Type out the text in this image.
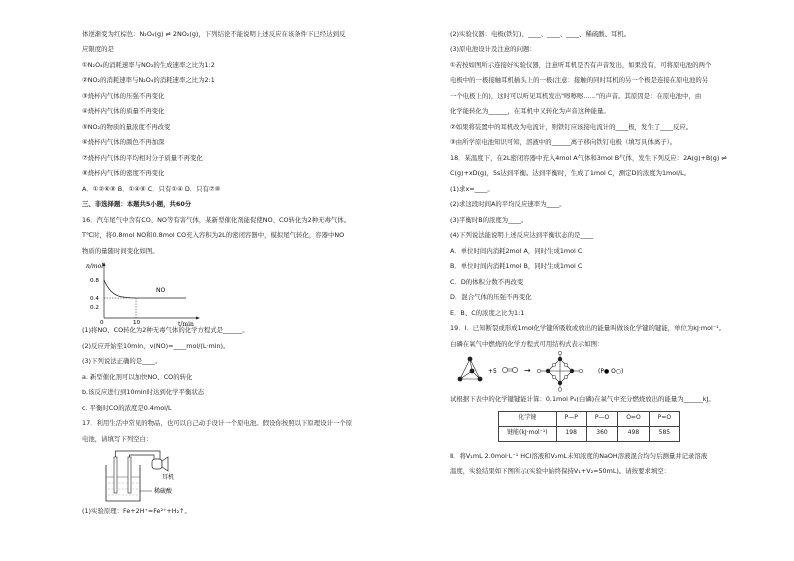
体逆渐变为红棕色：N₂O₄(g) ⇌ 2NO₂(g)，下列结论不能说明上述反应在该条件下已经达到反
应限度的是
①N₂O₄的消耗速率与NO₂的生成速率之比为1:2
②NO₂的消耗速率与N₂O₄的消耗速率之比为2:1
③烧杯内气体的压强不再变化
④烧杯内气体的质量不再变化
⑤NO₂的物质的量浓度不再改变
⑥烧杯内气体的颜色不再加深
⑦烧杯内气体的平均相对分子质量不再变化
⑧烧杯内气体的密度不再变化
A．①②⑥⑧ B．①④⑧ C．只有①④ D．只有⑦⑧
三、非选择题：本题共5小题，共60分
16．汽车尾气中含有CO、NO等有害气体，某新型催化剂能促使NO、CO转化为2种无毒气体。
T℃时，将0.8mol NO和0.8mol CO充入容积为2L的密闭容器中，模拟尾气转化，容器中NO
物质的量随时间变化如图。
n/mol
t/min
0.8
0.4
0.2
0	10
NO
(1)将NO、CO转化为2种无毒气体的化学方程式是______。
(2)反应开始至10min，v(NO)=____mol/(L·min)。
(3)下列说法正确的是____。
a. 新型催化剂可以加快NO、CO的转化
b.该反应进行到10min时达到化学平衡状态
c. 平衡时CO的浓度是0.4mol/L
17．利用生活中常见的物品，也可以自己动手设计一个原电池。假设你按照以下原理设计一个原
电池，请填写下列空白：
耳机
稀硫酸
(1)实验原理：Fe+2H⁺=Fe²⁺+H₂↑。
(2)实验仪器：电极(铁钉)、____、____、____、稀硫酸、耳机。
(3)原电池设计及注意的问题：
①若按如图所示连接好实验仪器，注意听耳机是否有声音发出，如果没有，可将原电池的两个
电极中的一极接触耳机插头上的一极(注意：接触的同时耳机的另一个极是连接在原电池的另
一个电极上的)，这时可以听见耳机发出"嚓嚓嚓……"的声音。其原因是：在原电池中，由
化学能转化为______，在耳机中又转化为声音这种能量。
②如果将装置中的耳机改为电流计，则铁钉应该接电流计的____极，发生了____反应。
③由所学原电池知识可知，溶液中的______离子移向铁钉电极（填写具体离子）。
18．某温度下，在2L密闭容器中充入4mol A气体和3mol B气体，发生下列反应：2A(g)+B(g) ⇌
C(g)+xD(g)，5s达到平衡。达到平衡时，生成了1mol C，测定D的浓度为1mol/L。
(1)求x=____。
(2)求这段时间A的平均反应速率为____。
(3)平衡时B的浓度为____。
(4)下列说法能说明上述反应达到平衡状态的是____
A．单位时间内消耗2mol A，同时生成1mol C
B．单位时间内消耗1mol B，同时生成1mol C
C．D的体积分数不再改变
D．混合气体的压强不再变化
E．B、C的浓度之比为1:1
19．Ⅰ．已知断裂或形成1mol化学键所吸收或放出的能量叫做该化学键的键能，单位为kJ·mol⁻¹。
白磷在氧气中燃烧的化学方程式可用结构式表示如图：
+5	→	(P● O○)
试根据下表中的化学键键能计算：0.1mol P₄(白磷)在氧气中充分燃烧放出的能量为______kJ。
化学键	P—P	P—O	O=O	P=O
键能(kJ·mol⁻¹)	198	360	498	585
Ⅱ．将V₁mL 2.0mol·L⁻¹ HCl溶液和V₂mL未知浓度的NaOH溶液混合均匀后测量并记录溶液
温度，实验结果如下图所示(实验中始终保持V₁+V₂=50mL)。请按要求填空：
